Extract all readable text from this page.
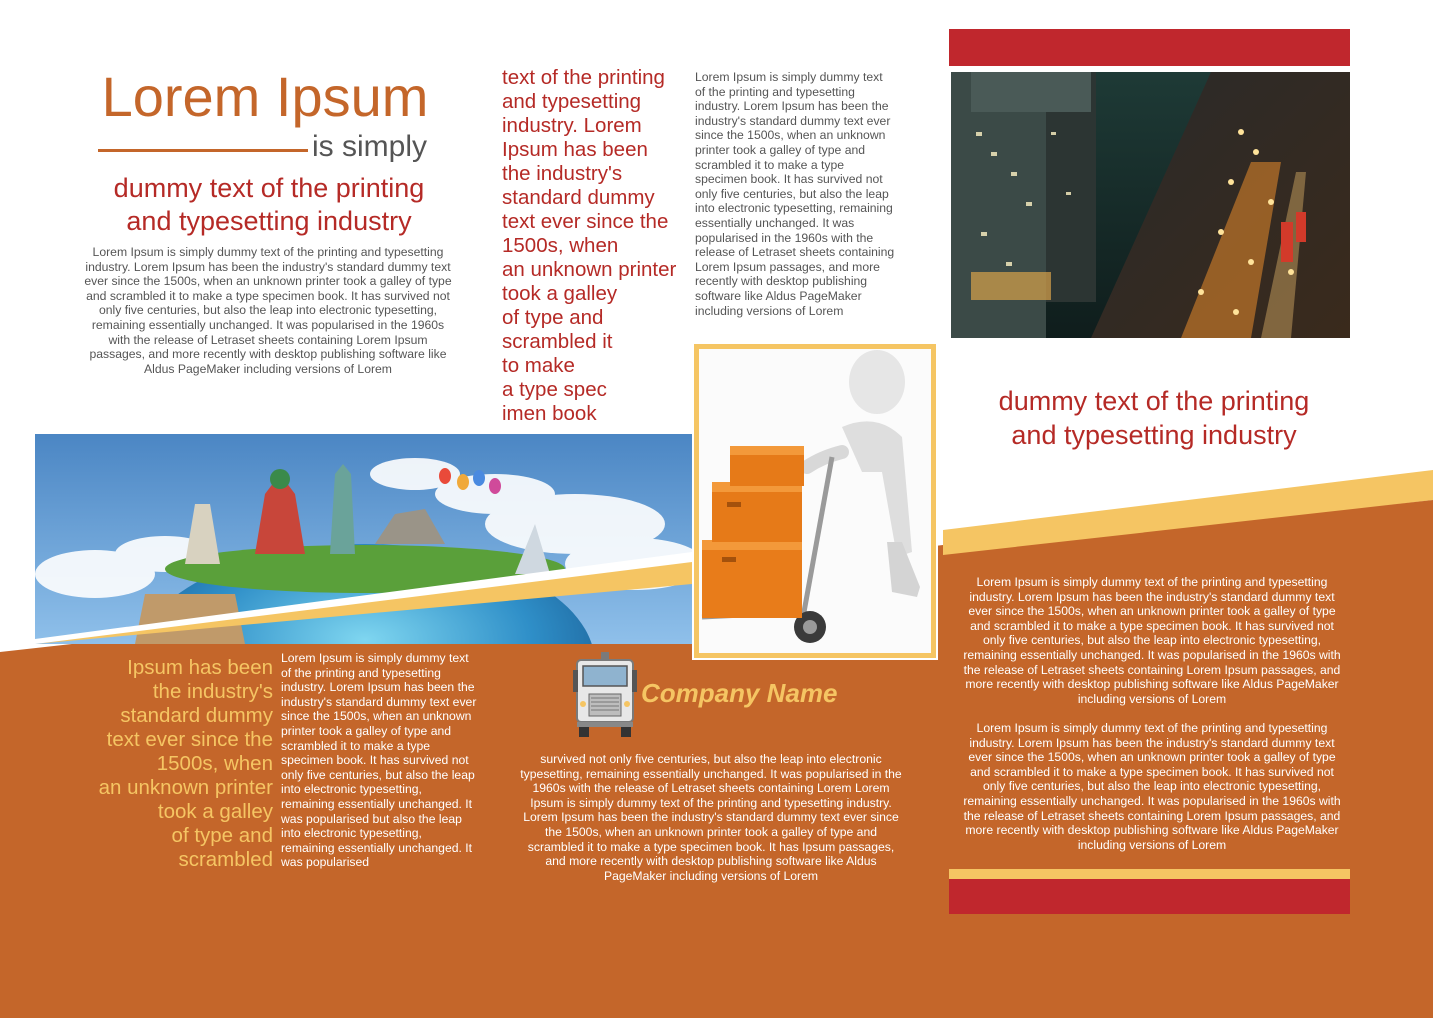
Lorem Ipsum
is simply
dummy text of the printing
and typesetting industry
Lorem Ipsum is simply dummy text of the printing and typesetting industry. Lorem Ipsum has been the industry's standard dummy text ever since the 1500s, when an unknown printer took a galley of type and scrambled it to make a type specimen book. It has survived not only five centuries, but also the leap into electronic typesetting, remaining essentially unchanged. It was popularised in the 1960s with the release of Letraset sheets containing Lorem Ipsum passages, and more recently with desktop publishing software like Aldus PageMaker including versions of Lorem
text of the printing
and typesetting
industry. Lorem
Ipsum has been
the industry's
standard dummy
text ever since the
1500s, when
an unknown printer
took a galley
of type and
scrambled it
to make
a type spec
imen book
Lorem Ipsum is simply dummy text of the printing and typesetting industry. Lorem Ipsum has been the industry's standard dummy text ever since the 1500s, when an unknown printer took a galley of type and scrambled it to make a type specimen book. It has survived not only five centuries, but also the leap into electronic typesetting, remaining essentially unchanged. It was popularised in the 1960s with the release of Letraset sheets containing Lorem Ipsum passages, and more recently with desktop publishing software like Aldus PageMaker including versions of Lorem
dummy text of the printing
and typesetting industry
Lorem Ipsum is simply dummy text of the printing and typesetting industry. Lorem Ipsum has been the industry's standard dummy text ever since the 1500s, when an unknown printer took a galley of type and scrambled it to make a type specimen book. It has survived not only five centuries, but also the leap into electronic typesetting, remaining essentially unchanged. It was popularised in the 1960s with the release of Letraset sheets containing Lorem Ipsum passages, and more recently with desktop publishing software like Aldus PageMaker including versions of Lorem
Lorem Ipsum is simply dummy text of the printing and typesetting industry. Lorem Ipsum has been the industry's standard dummy text ever since the 1500s, when an unknown printer took a galley of type and scrambled it to make a type specimen book. It has survived not only five centuries, but also the leap into electronic typesetting, remaining essentially unchanged. It was popularised in the 1960s with the release of Letraset sheets containing Lorem Ipsum passages, and more recently with desktop publishing software like Aldus PageMaker including versions of Lorem
Ipsum has been
the industry's
standard dummy
text ever since the
1500s, when
an unknown printer
took a galley
of type and
scrambled
Lorem Ipsum is simply dummy text of the printing and typesetting industry. Lorem Ipsum has been the industry's standard dummy text ever since the 1500s, when an unknown printer took a galley of type and scrambled it to make a type specimen book. It has survived not only five centuries, but also the leap into electronic typesetting, remaining essentially unchanged. It was popularised but also the leap into electronic typesetting, remaining essentially unchanged. It was popularised
Company Name
survived not only five centuries, but also the leap into electronic typesetting, remaining essentially unchanged. It was popularised in the 1960s with the release of Letraset sheets containing Lorem Lorem Ipsum is simply dummy text of the printing and typesetting industry. Lorem Ipsum has been the industry's standard dummy text ever since the 1500s, when an unknown printer took a galley of type and scrambled it to make a type specimen book. It has Ipsum passages, and more recently with desktop publishing software like Aldus PageMaker including versions of Lorem
